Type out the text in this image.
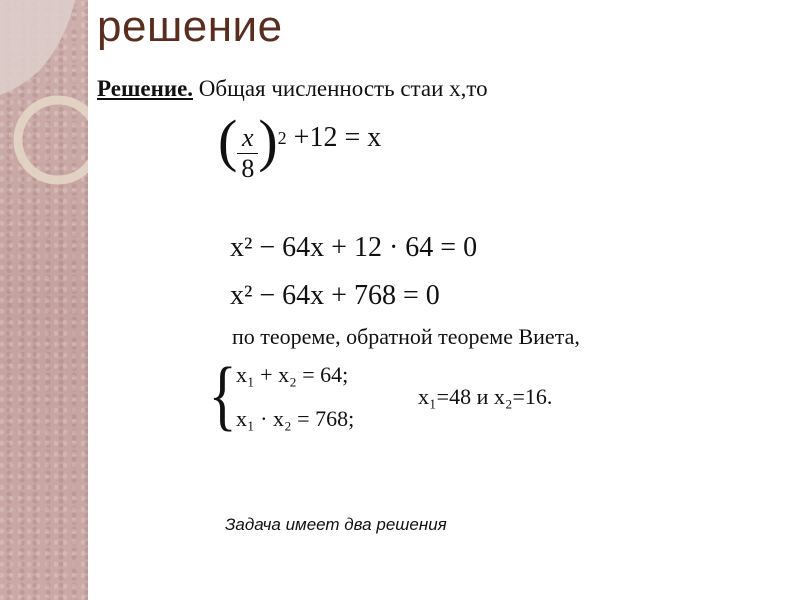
решение
Решение. Общая численность стаи х,то
( $\frac{x}{8} )^2 +12 = x$
x² − 64x + 12 · 64 = 0
x² − 64x + 768 = 0
по теореме, обратной теореме Виета,
{ x₁ + x₂ = 64;
x₁ · x₂ = 768;
х₁=48 и х₂=16.
Задача имеет два решения
